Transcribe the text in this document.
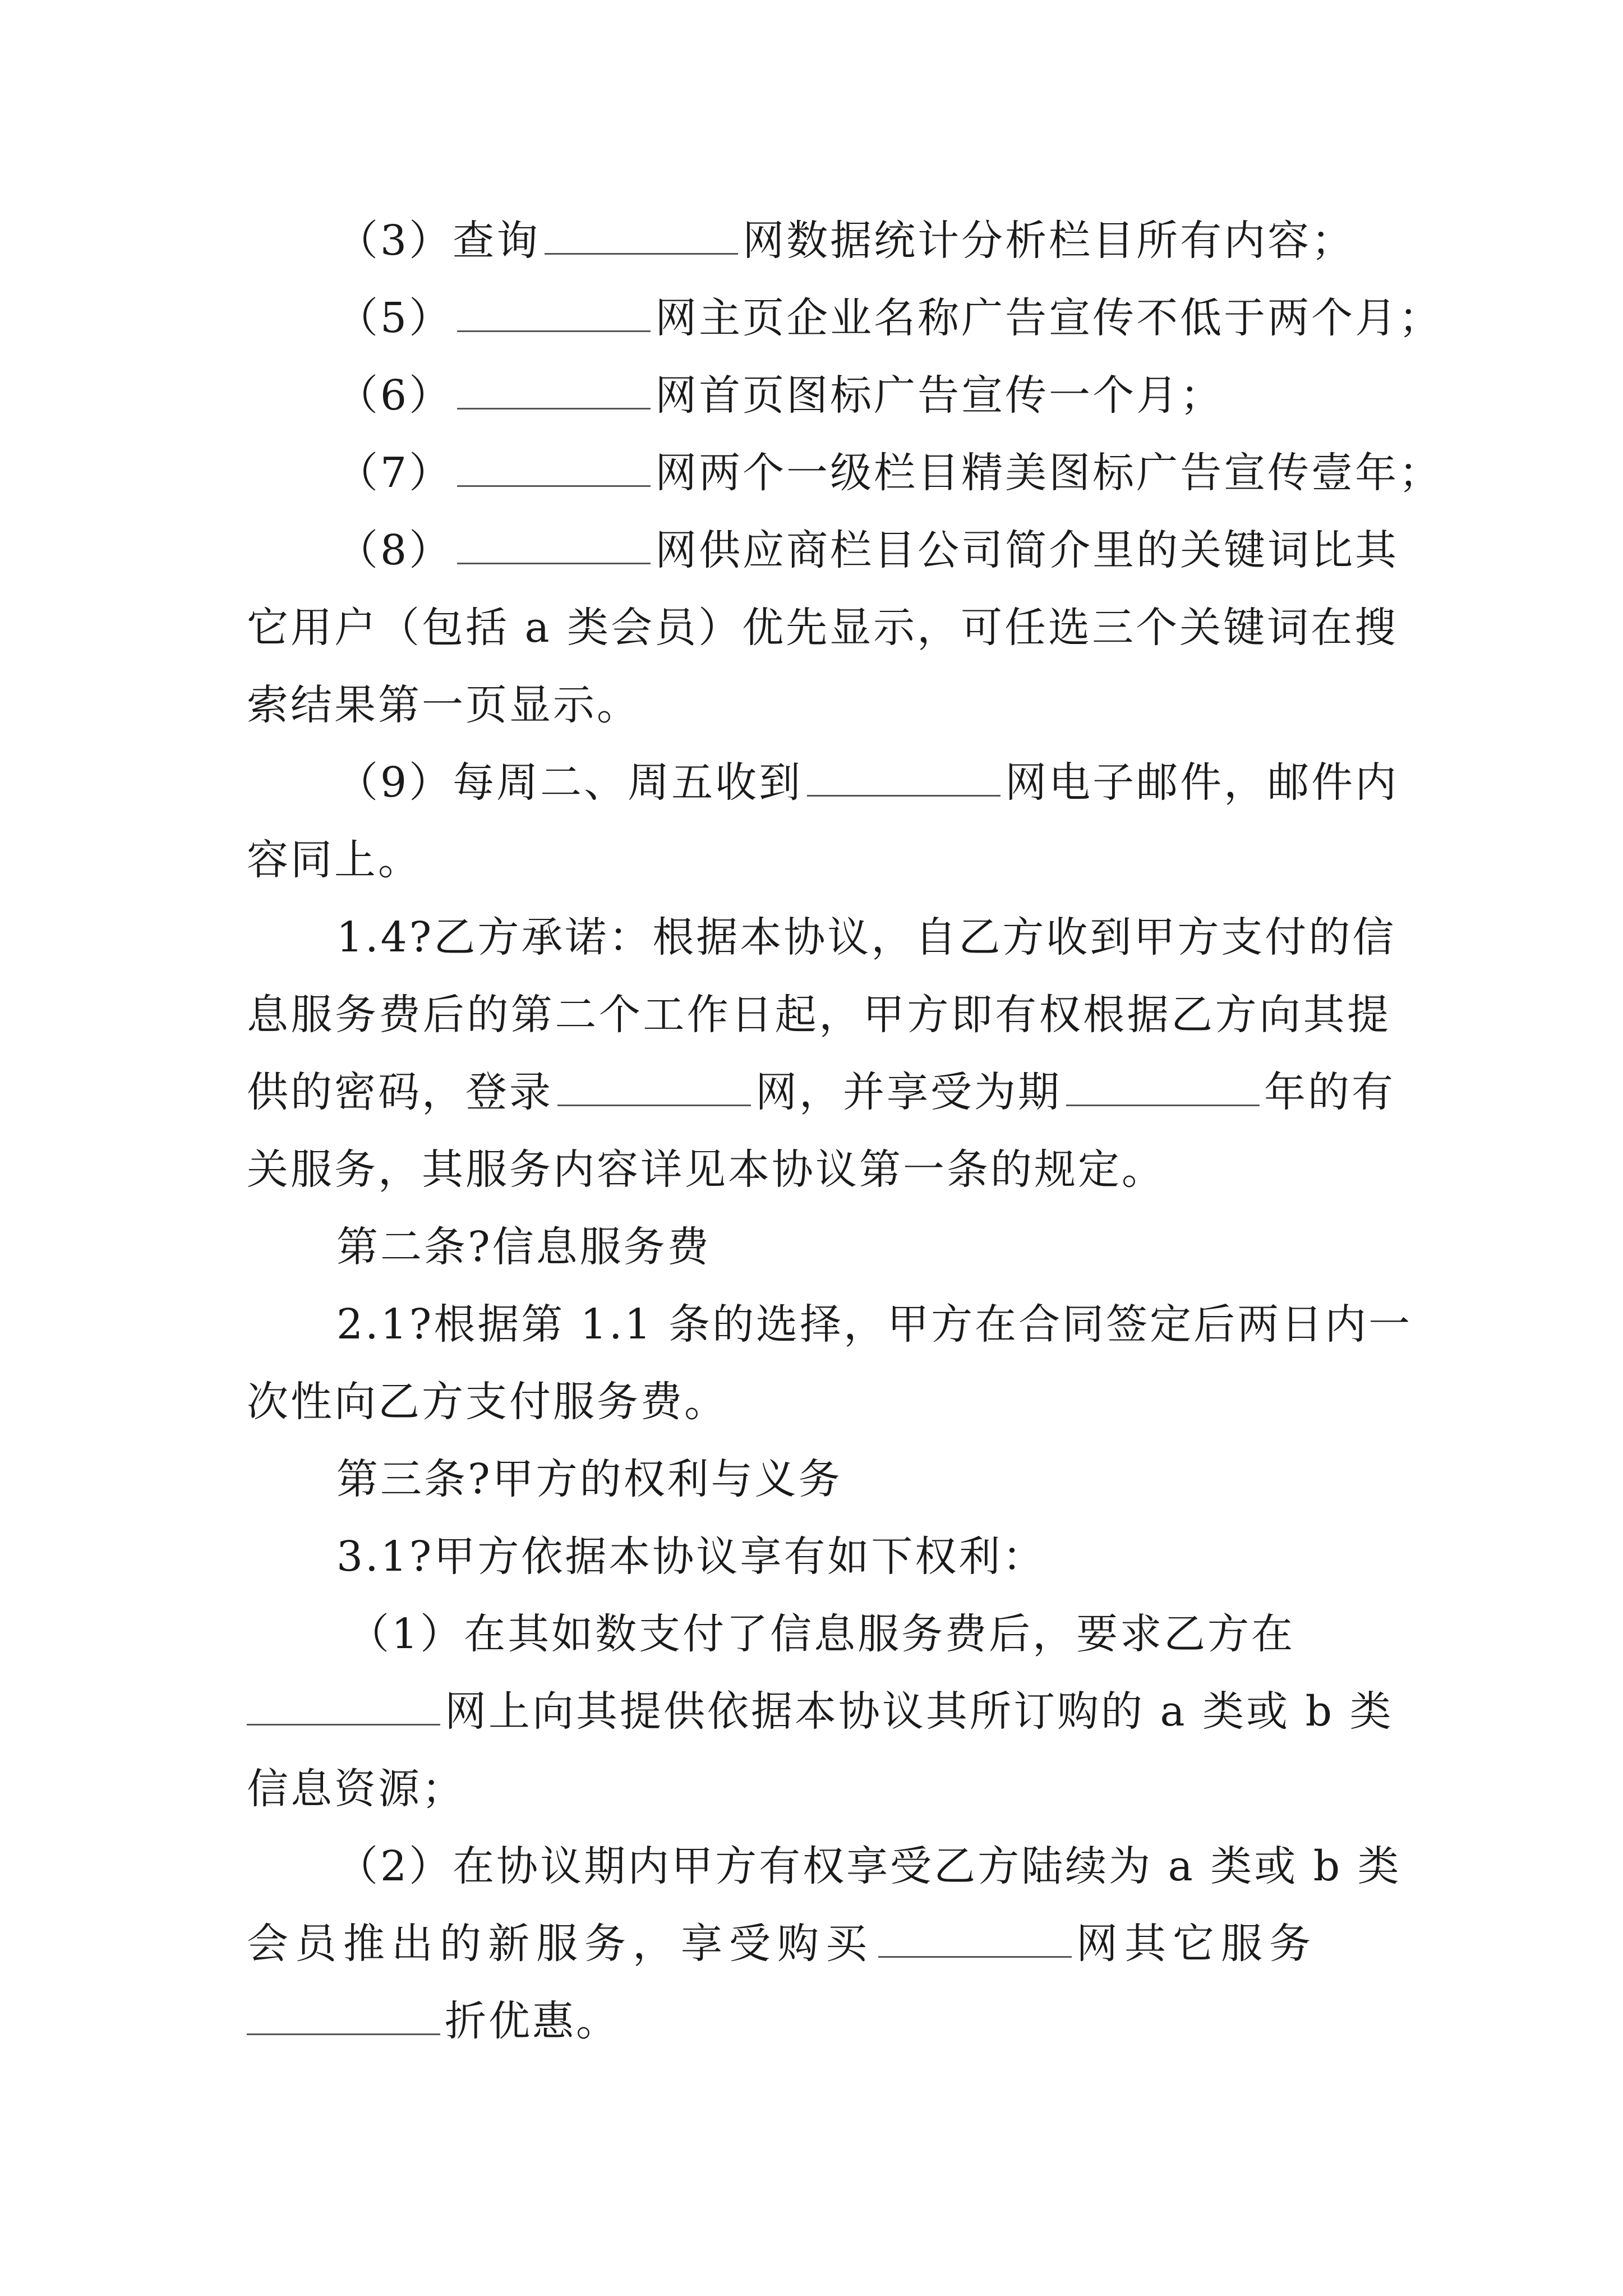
（3）查询	网数据统计分析栏目所有内容；

（5）	网主页企业名称广告宣传不低于两个月；

（6）	网首页图标广告宣传一个月；

（7）	网两个一级栏目精美图标广告宣传壹年；

（8）	网供应商栏目公司简介里的关键词比其

它用户（包括 a 类会员）优先显示，可任选三个关键词在搜

索结果第一页显示。

（9）每周二、周五收到	网电子邮件，邮件内

容同上。

1.4?乙方承诺：根据本协议，自乙方收到甲方支付的信

息服务费后的第二个工作日起，甲方即有权根据乙方向其提

供的密码，登录	网，并享受为期	年的有

关服务，其服务内容详见本协议第一条的规定。

第二条?信息服务费

2.1?根据第 1.1 条的选择，甲方在合同签定后两日内一

次性向乙方支付服务费。

第三条?甲方的权利与义务

3.1?甲方依据本协议享有如下权利：

（1）在其如数支付了信息服务费后，要求乙方在

网上向其提供依据本协议其所订购的 a 类或 b 类

信息资源；

（2）在协议期内甲方有权享受乙方陆续为 a 类或 b 类

会员推出的新服务，享受购买	网其它服务

折优惠。
